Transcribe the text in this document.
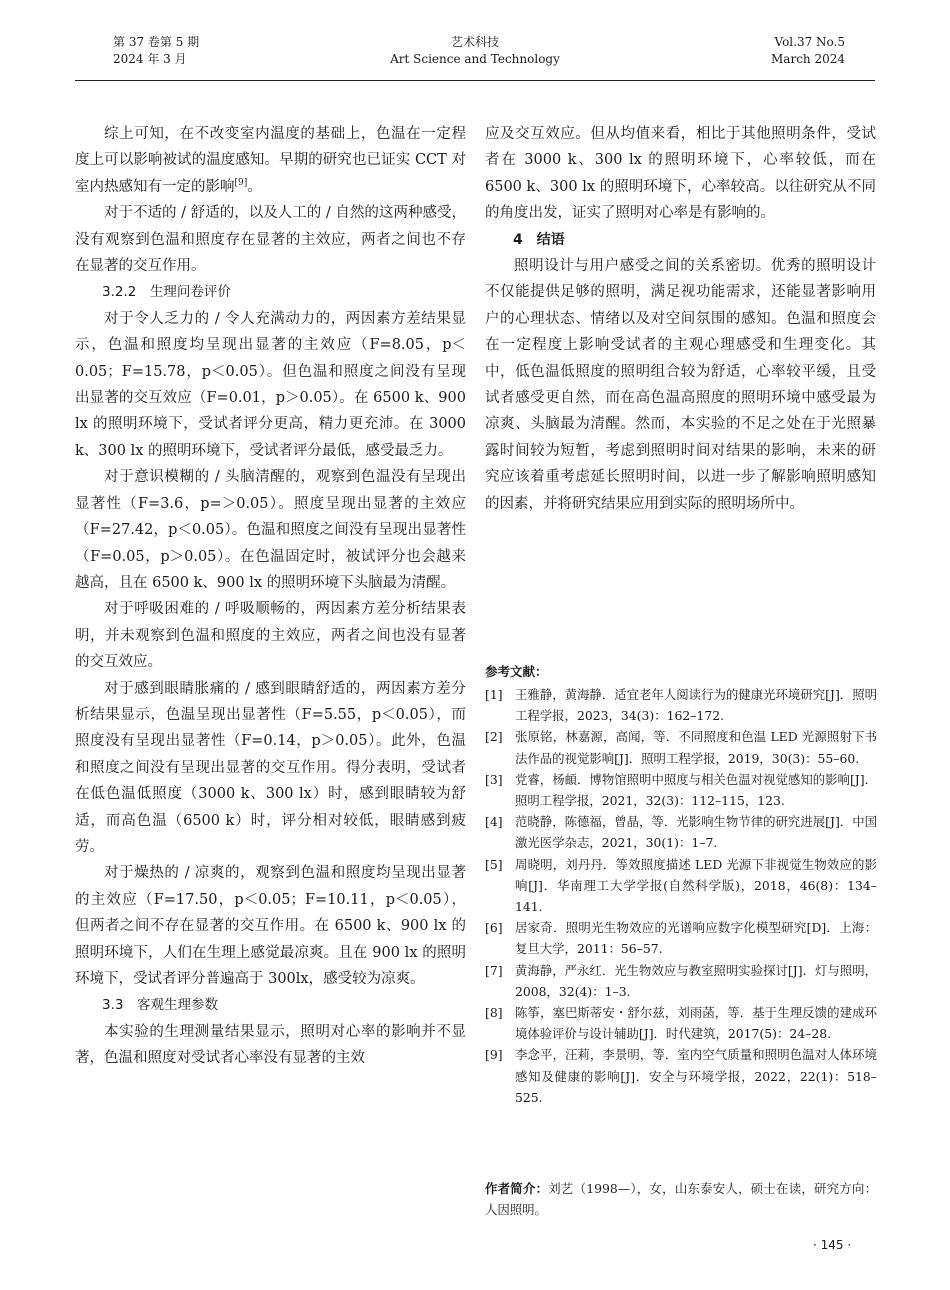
第 37 卷第 5 期
2024 年 3 月
艺术科技
Art Science and Technology
Vol.37 No.5
March 2024

综上可知，在不改变室内温度的基础上，色温在一定程度上可以影响被试的温度感知。早期的研究也已证实 CCT 对室内热感知有一定的影响[9]。

对于不适的 / 舒适的，以及人工的 / 自然的这两种感受，没有观察到色温和照度存在显著的主效应，两者之间也不存在显著的交互作用。

3.2.2　生理问卷评价

对于令人乏力的 / 令人充满动力的，两因素方差结果显示，色温和照度均呈现出显著的主效应（F=8.05，p＜0.05；F=15.78，p＜0.05）。但色温和照度之间没有呈现出显著的交互效应（F=0.01，p＞0.05）。在 6500 k、900 lx 的照明环境下，受试者评分更高，精力更充沛。在 3000 k、300 lx 的照明环境下，受试者评分最低，感受最乏力。

对于意识模糊的 / 头脑清醒的，观察到色温没有呈现出显著性（F=3.6，p=＞0.05）。照度呈现出显著的主效应（F=27.42，p＜0.05）。色温和照度之间没有呈现出显著性（F=0.05，p＞0.05）。在色温固定时，被试评分也会越来越高，且在 6500 k、900 lx 的照明环境下头脑最为清醒。

对于呼吸困难的 / 呼吸顺畅的，两因素方差分析结果表明，并未观察到色温和照度的主效应，两者之间也没有显著的交互效应。

对于感到眼睛胀痛的 / 感到眼睛舒适的，两因素方差分析结果显示，色温呈现出显著性（F=5.55，p＜0.05），而照度没有呈现出显著性（F=0.14，p＞0.05）。此外，色温和照度之间没有呈现出显著的交互作用。得分表明，受试者在低色温低照度（3000 k、300 lx）时，感到眼睛较为舒适，而高色温（6500 k）时，评分相对较低，眼睛感到疲劳。

对于燥热的 / 凉爽的，观察到色温和照度均呈现出显著的主效应（F=17.50，p＜0.05；F=10.11，p＜0.05），但两者之间不存在显著的交互作用。在 6500 k、900 lx 的照明环境下，人们在生理上感觉最凉爽。且在 900 lx 的照明环境下，受试者评分普遍高于 300lx，感受较为凉爽。

3.3　客观生理参数

本实验的生理测量结果显示，照明对心率的影响并不显著，色温和照度对受试者心率没有显著的主效

应及交互效应。但从均值来看，相比于其他照明条件，受试者在 3000 k、300 lx 的照明环境下，心率较低，而在 6500 k、300 lx 的照明环境下，心率较高。以往研究从不同的角度出发，证实了照明对心率是有影响的。

4　结语

照明设计与用户感受之间的关系密切。优秀的照明设计不仅能提供足够的照明，满足视功能需求，还能显著影响用户的心理状态、情绪以及对空间氛围的感知。色温和照度会在一定程度上影响受试者的主观心理感受和生理变化。其中，低色温低照度的照明组合较为舒适，心率较平缓，且受试者感受更自然，而在高色温高照度的照明环境中感受最为凉爽、头脑最为清醒。然而，本实验的不足之处在于光照暴露时间较为短暂，考虑到照明时间对结果的影响，未来的研究应该着重考虑延长照明时间，以进一步了解影响照明感知的因素，并将研究结果应用到实际的照明场所中。

参考文献：
[1]	王雅静，黄海静．适宜老年人阅读行为的健康光环境研究[J]．照明工程学报，2023，34(3)：162–172.
[2]	张原铭，林嘉源，高闻，等．不同照度和色温 LED 光源照射下书法作品的视觉影响[J]．照明工程学报，2019，30(3)：55–60.
[3]	党睿，杨頔．博物馆照明中照度与相关色温对视觉感知的影响[J]．照明工程学报，2021，32(3)：112–115，123.
[4]	范晓静，陈德福，曾晶，等．光影响生物节律的研究进展[J]．中国激光医学杂志，2021，30(1)：1–7.
[5]	周晓明，刘丹丹．等效照度描述 LED 光源下非视觉生物效应的影响[J]．华南理工大学学报(自然科学版)，2018，46(8)：134–141.
[6]	居家奇．照明光生物效应的光谱响应数字化模型研究[D]．上海：复旦大学，2011：56–57.
[7]	黄海静，严永红．光生物效应与教室照明实验探讨[J]．灯与照明，2008，32(4)：1–3.
[8]	陈筝，塞巴斯蒂安・舒尔兹，刘雨菡，等．基于生理反馈的建成环境体验评价与设计辅助[J]．时代建筑，2017(5)：24–28.
[9]	李念平，汪莉，李景明，等．室内空气质量和照明色温对人体环境感知及健康的影响[J]．安全与环境学报，2022，22(1)：518–525.
作者简介：刘艺（1998—），女，山东泰安人，硕士在读，研究方向：人因照明。
· 145 ·
